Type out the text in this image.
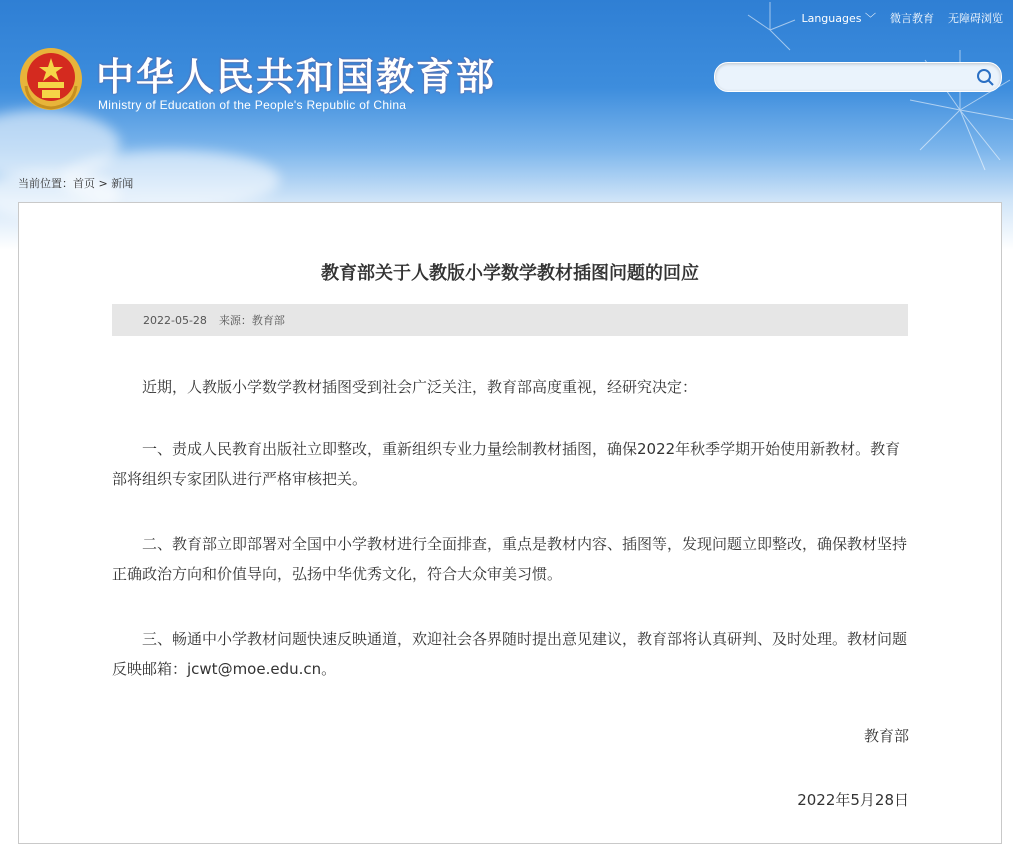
Languages ﹀ 微言教育 无障碍浏览
中华人民共和国教育部
Ministry of Education of the People's Republic of China
当前位置：首页 > 新闻
教育部关于人教版小学数学教材插图问题的回应
2022-05-28 来源：教育部

近期，人教版小学数学教材插图受到社会广泛关注，教育部高度重视，经研究决定：

一、责成人民教育出版社立即整改，重新组织专业力量绘制教材插图，确保2022年秋季学期开始使用新教材。教育部将组织专家团队进行严格审核把关。

二、教育部立即部署对全国中小学教材进行全面排查，重点是教材内容、插图等，发现问题立即整改，确保教材坚持正确政治方向和价值导向，弘扬中华优秀文化，符合大众审美习惯。

三、畅通中小学教材问题快速反映通道，欢迎社会各界随时提出意见建议，教育部将认真研判、及时处理。教材问题反映邮箱：jcwt@moe.edu.cn。

教育部
2022年5月28日
